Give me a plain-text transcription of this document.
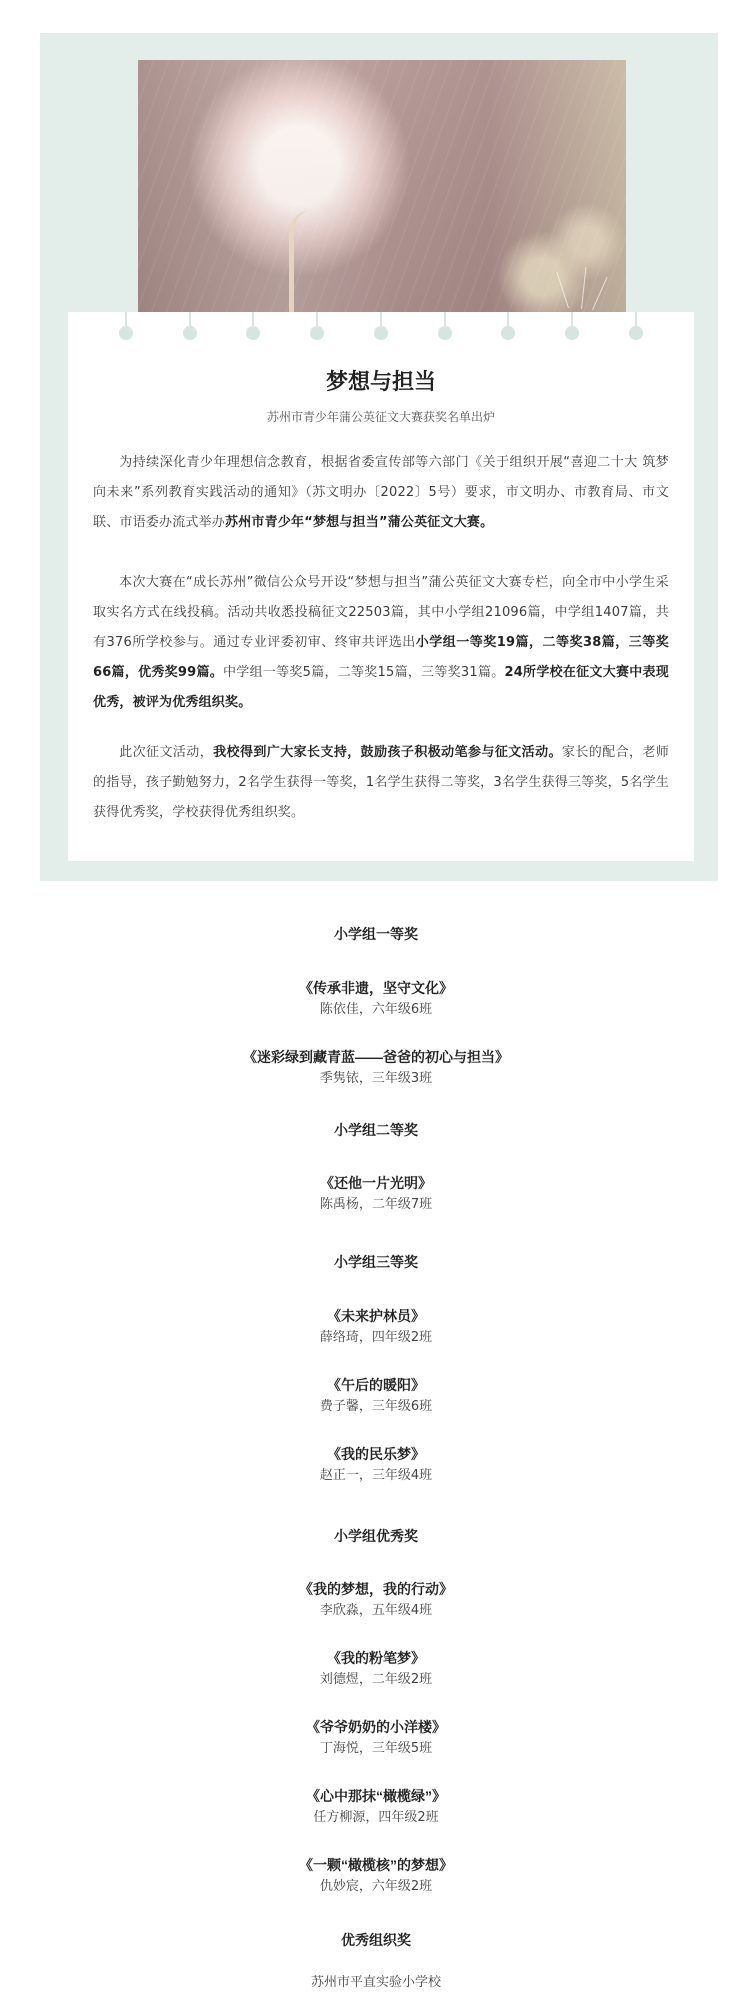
梦想与担当
苏州市青少年蒲公英征文大赛获奖名单出炉

为持续深化青少年理想信念教育，根据省委宣传部等六部门《关于组织开展“喜迎二十大 筑梦向未来”系列教育实践活动的通知》（苏文明办〔2022〕5号）要求，市文明办、市教育局、市文联、市语委办流式举办苏州市青少年“梦想与担当”蒲公英征文大赛。

本次大赛在“成长苏州”微信公众号开设“梦想与担当”蒲公英征文大赛专栏，向全市中小学生采取实名方式在线投稿。活动共收悉投稿征文22503篇，其中小学组21096篇，中学组1407篇，共有376所学校参与。通过专业评委初审、终审共评选出小学组一等奖19篇，二等奖38篇，三等奖66篇，优秀奖99篇。中学组一等奖5篇，二等奖15篇，三等奖31篇。24所学校在征文大赛中表现优秀，被评为优秀组织奖。

此次征文活动，我校得到广大家长支持，鼓励孩子积极动笔参与征文活动。家长的配合，老师的指导，孩子勤勉努力，2名学生获得一等奖，1名学生获得二等奖，3名学生获得三等奖，5名学生获得优秀奖，学校获得优秀组织奖。

小学组一等奖
《传承非遗，坚守文化》
陈依佳，六年级6班
《迷彩绿到藏青蓝——爸爸的初心与担当》
季隽铱，三年级3班
小学组二等奖
《还他一片光明》
陈禹杨，二年级7班
小学组三等奖
《未来护林员》
薛络琦，四年级2班
《午后的暖阳》
费子馨，三年级6班
《我的民乐梦》
赵正一，三年级4班
小学组优秀奖
《我的梦想，我的行动》
李欣淼，五年级4班
《我的粉笔梦》
刘德煜，二年级2班
《爷爷奶奶的小洋楼》
丁海悦，三年级5班
《心中那抹“橄榄绿”》
任方柳源，四年级2班
《一颗“橄榄核”的梦想》
仇妙宸，六年级2班
优秀组织奖
苏州市平直实验小学校
